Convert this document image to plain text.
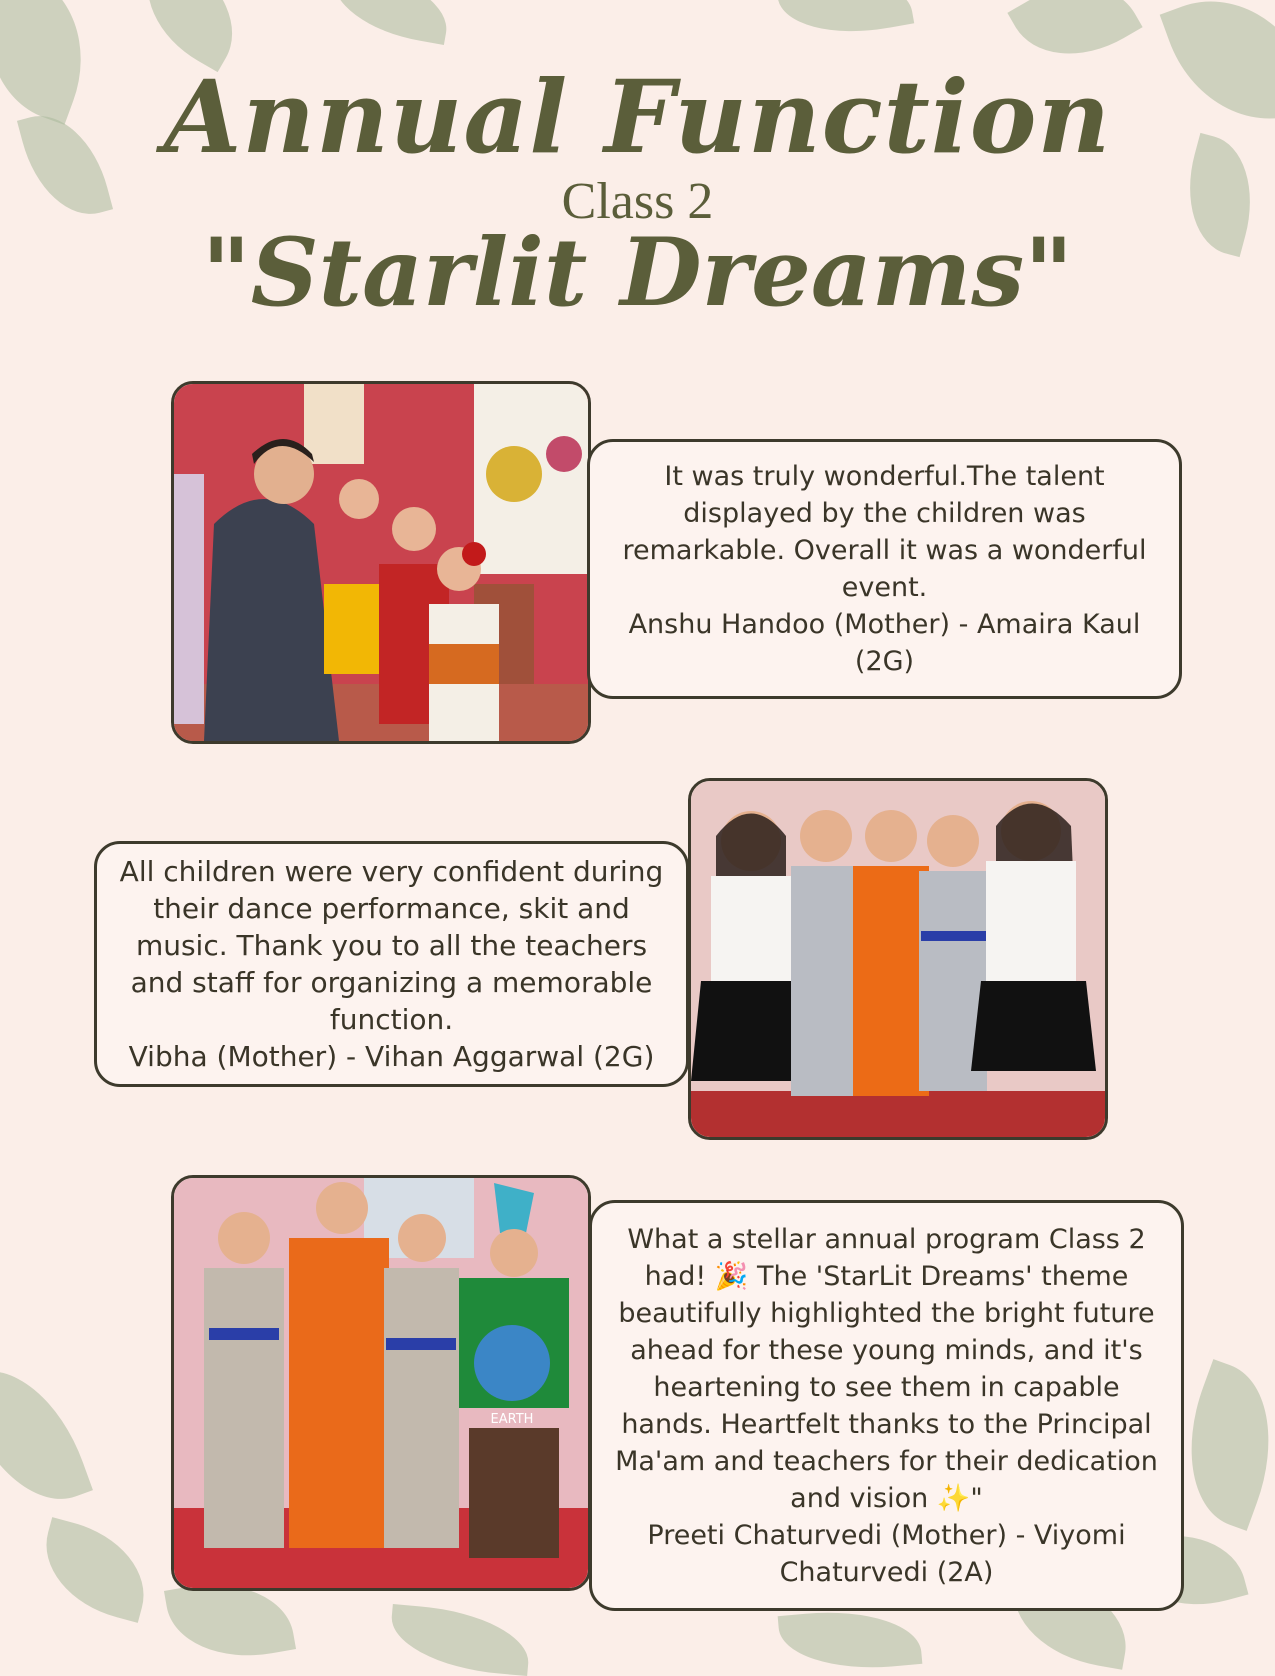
Annual Function
Class 2
"Starlit Dreams"
It was truly wonderful.The talent displayed by the children was remarkable. Overall it was a wonderful event.
Anshu Handoo (Mother) - Amaira Kaul (2G)
All children were very confident during their dance performance, skit and music. Thank you to all the teachers and staff for organizing a memorable function.
Vibha (Mother) - Vihan Aggarwal (2G)
EARTH
What a stellar annual program Class 2 had! 🎉 The 'StarLit Dreams' theme beautifully highlighted the bright future ahead for these young minds, and it's heartening to see them in capable hands. Heartfelt thanks to the Principal Ma'am and teachers for their dedication and vision ✨"
Preeti Chaturvedi (Mother) - Viyomi Chaturvedi (2A)
